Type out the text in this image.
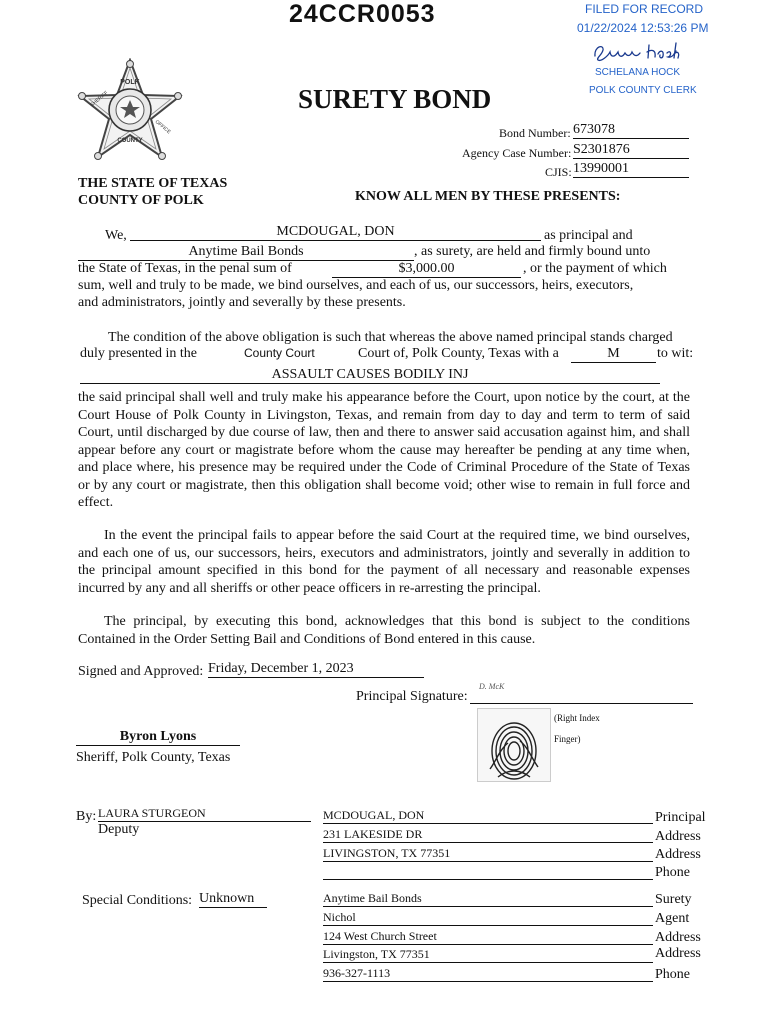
24CCR0053	FILED FOR RECORD
01/22/2024 12:53:26 PM
SCHELANA HOCK
POLK COUNTY CLERK
POLK
SHERIFF
OFFICE
COUNTY
SURETY BOND
Bond Number: 673078
Agency Case Number: S2301876
CJIS: 13990001
THE STATE OF TEXAS
COUNTY OF POLK	KNOW ALL MEN BY THESE PRESENTS:
We,	MCDOUGAL, DON	as principal and
Anytime Bail Bonds	, as surety, are held and firmly bound unto
the State of Texas, in the penal sum of	$3,000.00	, or the payment of which
sum, well and truly to be made, we bind ourselves, and each of us, our successors, heirs, executors,
and administrators, jointly and severally by these presents.
The condition of the above obligation is such that whereas the above named principal stands charged
duly presented in the	County Court	Court of, Polk County, Texas with a	M	to wit:
ASSAULT CAUSES BODILY INJ

the said principal shall well and truly make his appearance before the Court, upon notice by the court, at the Court House of Polk County in Livingston, Texas, and remain from day to day and term to term of said Court, until discharged by due course of law, then and there to answer said accusation against him, and shall appear before any court or magistrate before whom the cause may hereafter be pending at any time when, and place where, his presence may be required under the Code of Criminal Procedure of the State of Texas or by any court or magistrate, then this obligation shall become void; other wise to remain in full force and effect.

In the event the principal fails to appear before the said Court at the required time, we bind ourselves, and each one of us, our successors, heirs, executors and administrators, jointly and severally in addition to the principal amount specified in this bond for the payment of all necessary and reasonable expenses incurred by any and all sheriffs or other peace officers in re-arresting the principal.

The principal, by executing this bond, acknowledges that this bond is subject to the conditions Contained in the Order Setting Bail and Conditions of Bond entered in this cause.

Signed and Approved: Friday, December 1, 2023
Principal Signature:
D. McK
(Right Index
Finger)
Byron Lyons
Sheriff, Polk County, Texas
By: LAURA STURGEON
Deputy
Special Conditions: Unknown
MCDOUGAL, DON	Principal
231 LAKESIDE DR	Address
LIVINGSTON, TX 77351	Address
Phone
Anytime Bail Bonds	Surety
Nichol	Agent
124 West Church Street	Address
Livingston, TX 77351	Address
936-327-1113	Phone
